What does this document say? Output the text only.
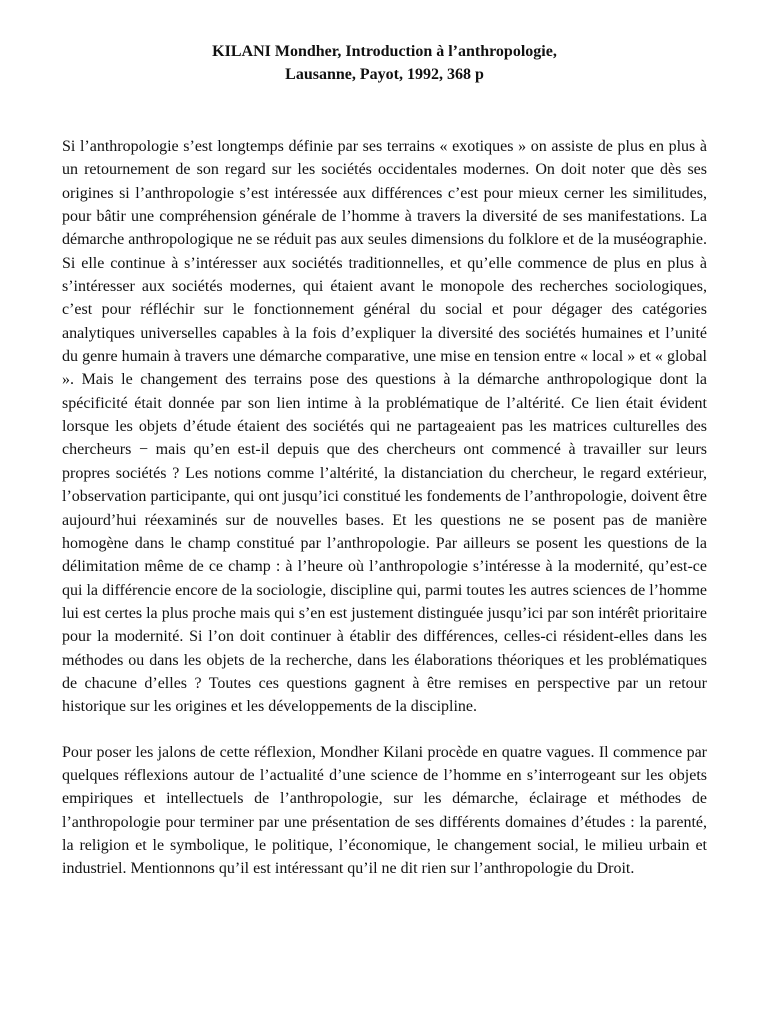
KILANI Mondher, Introduction à l’anthropologie,
Lausanne, Payot, 1992, 368 p

Si l’anthropologie s’est longtemps définie par ses terrains « exotiques » on assiste de plus en plus à un retournement de son regard sur les sociétés occidentales modernes. On doit noter que dès ses origines si l’anthropologie s’est intéressée aux différences c’est pour mieux cerner les similitudes, pour bâtir une compréhension générale de l’homme à travers la diversité de ses manifestations. La démarche anthropologique ne se réduit pas aux seules dimensions du folklore et de la muséographie. Si elle continue à s’intéresser aux sociétés traditionnelles, et qu’elle commence de plus en plus à s’intéresser aux sociétés modernes, qui étaient avant le monopole des recherches sociologiques, c’est pour réfléchir sur le fonctionnement général du social et pour dégager des catégories analytiques universelles capables à la fois d’expliquer la diversité des sociétés humaines et l’unité du genre humain à travers une démarche comparative, une mise en tension entre « local » et « global ». Mais le changement des terrains pose des questions à la démarche anthropologique dont la spécificité était donnée par son lien intime à la problématique de l’altérité. Ce lien était évident lorsque les objets d’étude étaient des sociétés qui ne partageaient pas les matrices culturelles des chercheurs − mais qu’en est-il depuis que des chercheurs ont commencé à travailler sur leurs propres sociétés ? Les notions comme l’altérité, la distanciation du chercheur, le regard extérieur, l’observation participante, qui ont jusqu’ici constitué les fondements de l’anthropologie, doivent être aujourd’hui réexaminés sur de nouvelles bases. Et les questions ne se posent pas de manière homogène dans le champ constitué par l’anthropologie. Par ailleurs se posent les questions de la délimitation même de ce champ : à l’heure où l’anthropologie s’intéresse à la modernité, qu’est-ce qui la différencie encore de la sociologie, discipline qui, parmi toutes les autres sciences de l’homme lui est certes la plus proche mais qui s’en est justement distinguée jusqu’ici par son intérêt prioritaire pour la modernité. Si l’on doit continuer à établir des différences, celles-ci résident-elles dans les méthodes ou dans les objets de la recherche, dans les élaborations théoriques et les problématiques de chacune d’elles ? Toutes ces questions gagnent à être remises en perspective par un retour historique sur les origines et les développements de la discipline.

Pour poser les jalons de cette réflexion, Mondher Kilani procède en quatre vagues. Il commence par quelques réflexions autour de l’actualité d’une science de l’homme en s’interrogeant sur les objets empiriques et intellectuels de l’anthropologie, sur les démarche, éclairage et méthodes de l’anthropologie pour terminer par une présentation de ses différents domaines d’études : la parenté, la religion et le symbolique, le politique, l’économique, le changement social, le milieu urbain et industriel. Mentionnons qu’il est intéressant qu’il ne dit rien sur l’anthropologie du Droit.
